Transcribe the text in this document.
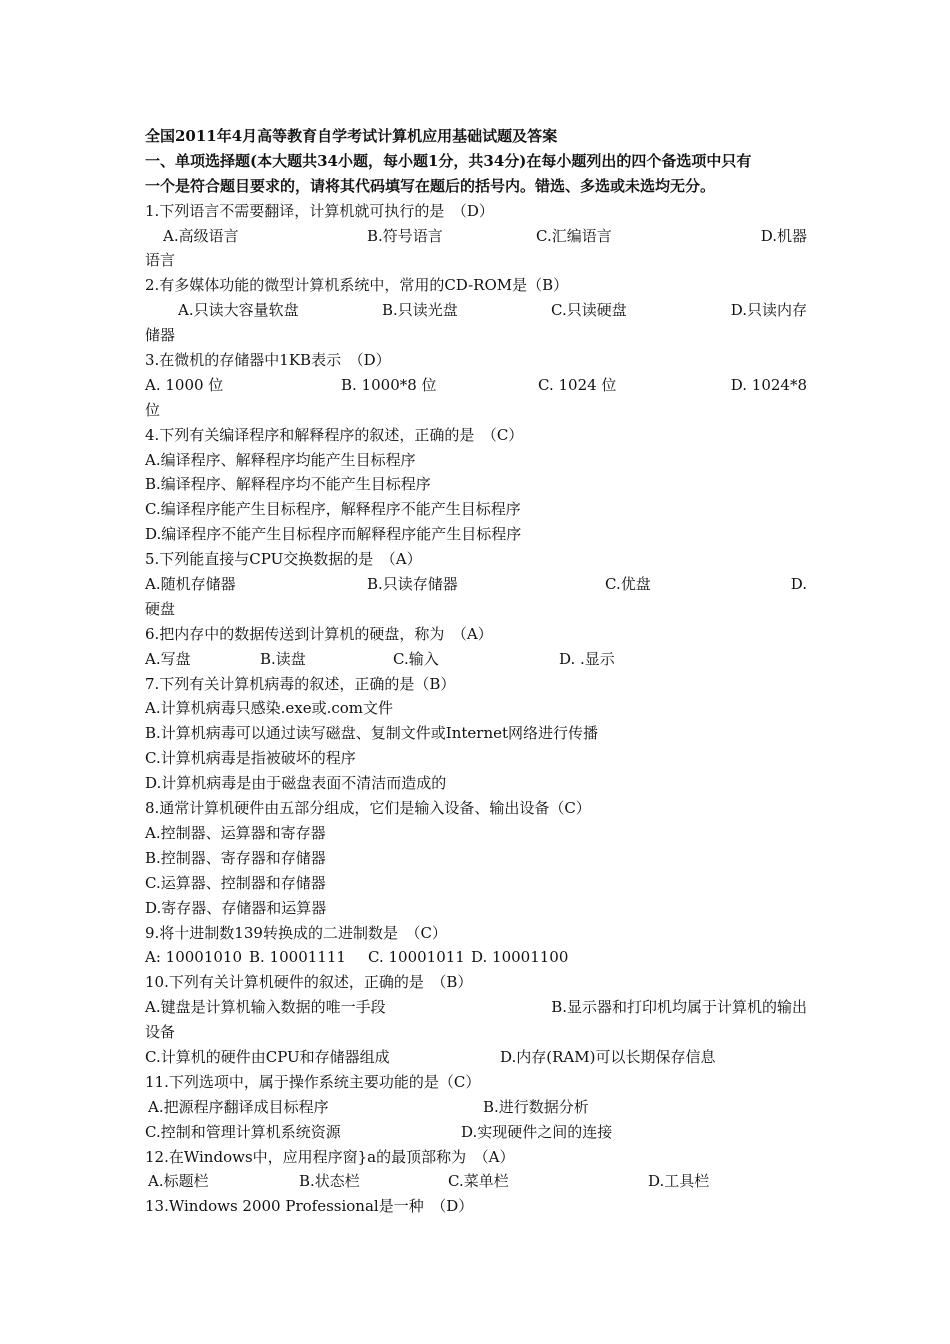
全国2011年4月高等教育自学考试计算机应用基础试题及答案
一、单项选择题(本大题共34小题，每小题1分，共34分)在每小题列出的四个备选项中只有
一个是符合题目要求的，请将其代码填写在题后的括号内。错选、多选或未选均无分。
1.下列语言不需要翻译，计算机就可执行的是　（D）
A.高级语言	B.符号语言	C.汇编语言	D.机器
语言
2.有多媒体功能的微型计算机系统中，常用的CD-ROM是（B）
A.只读大容量软盘	B.只读光盘	C.只读硬盘	D.只读内存
储器
3.在微机的存储器中1KB表示　（D）
A. 1000 位	B. 1000*8 位	C. 1024 位	D. 1024*8
位
4.下列有关编译程序和解释程序的叙述，正确的是　（C）
A.编译程序、解释程序均能产生目标程序
B.编译程序、解释程序均不能产生目标程序
C.编译程序能产生目标程序，解释程序不能产生目标程序
D.编译程序不能产生目标程序而解释程序能产生目标程序
5.下列能直接与CPU交换数据的是　（A）
A.随机存储器	B.只读存储器	C.优盘	D.
硬盘
6.把内存中的数据传送到计算机的硬盘，称为　（A）
A.写盘	B.读盘	C.输入	D. .显示
7.下列有关计算机病毒的叙述，正确的是（B）
A.计算机病毒只感染.exe或.com文件
B.计算机病毒可以通过读写磁盘、复制文件或Internet网络进行传播
C.计算机病毒是指被破坏的程序
D.计算机病毒是由于磁盘表面不清洁而造成的
8.通常计算机硬件由五部分组成，它们是输入设备、输出设备（C）
A.控制器、运算器和寄存器
B.控制器、寄存器和存储器
C.运算器、控制器和存储器
D.寄存器、存储器和运算器
9.将十进制数139转换成的二进制数是　（C）
A: 10001010 B. 10001111 C. 10001011 D. 10001100
10.下列有关计算机硬件的叙述，正确的是　（B）
A.键盘是计算机输入数据的唯一手段	B.显示器和打印机均属于计算机的输出
设备
C.计算机的硬件由CPU和存储器组成	D.内存(RAM)可以长期保存信息
11.下列选项中，属于操作系统主要功能的是（C）
A.把源程序翻译成目标程序	B.进行数据分析
C.控制和管理计算机系统资源	D.实现硬件之间的连接
12.在Windows中，应用程序窗}a的最顶部称为　（A）
A.标题栏	B.状态栏	C.菜单栏	D.工具栏
13.Windows 2000 Professional是一种　（D）
